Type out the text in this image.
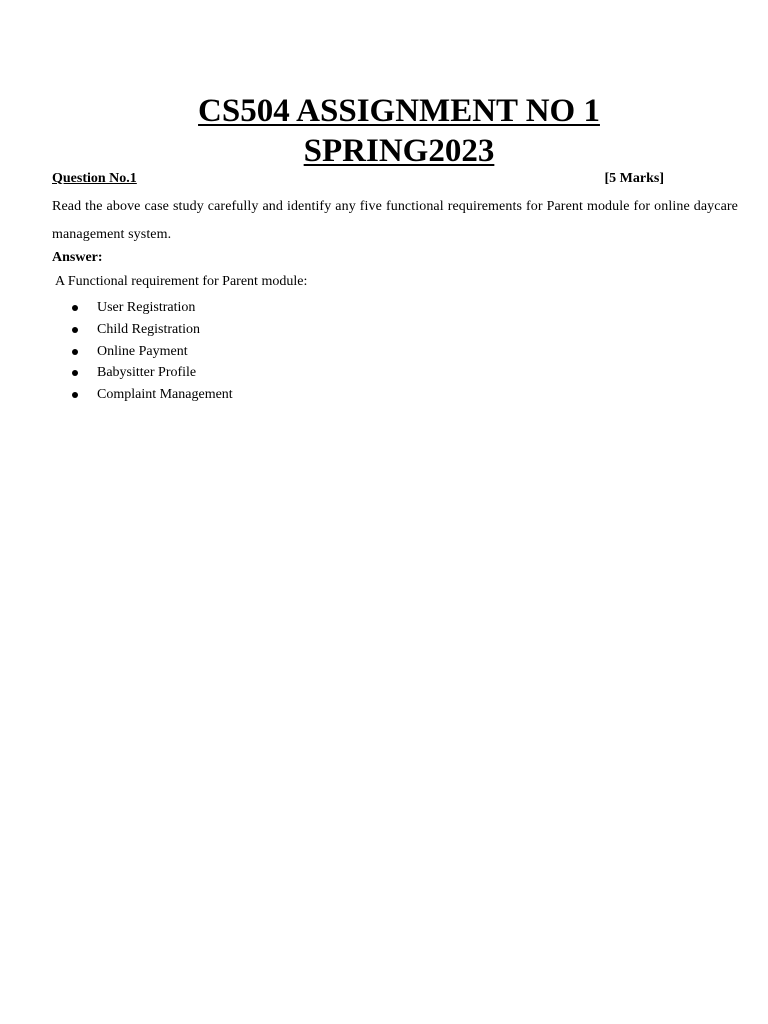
CS504 ASSIGNMENT NO 1
SPRING2023
Question No.1	[5 Marks]
Read the above case study carefully and identify any five functional requirements for Parent module for online daycare management system.
Answer:
A Functional requirement for Parent module:
User Registration
Child Registration
Online Payment
Babysitter Profile
Complaint Management
